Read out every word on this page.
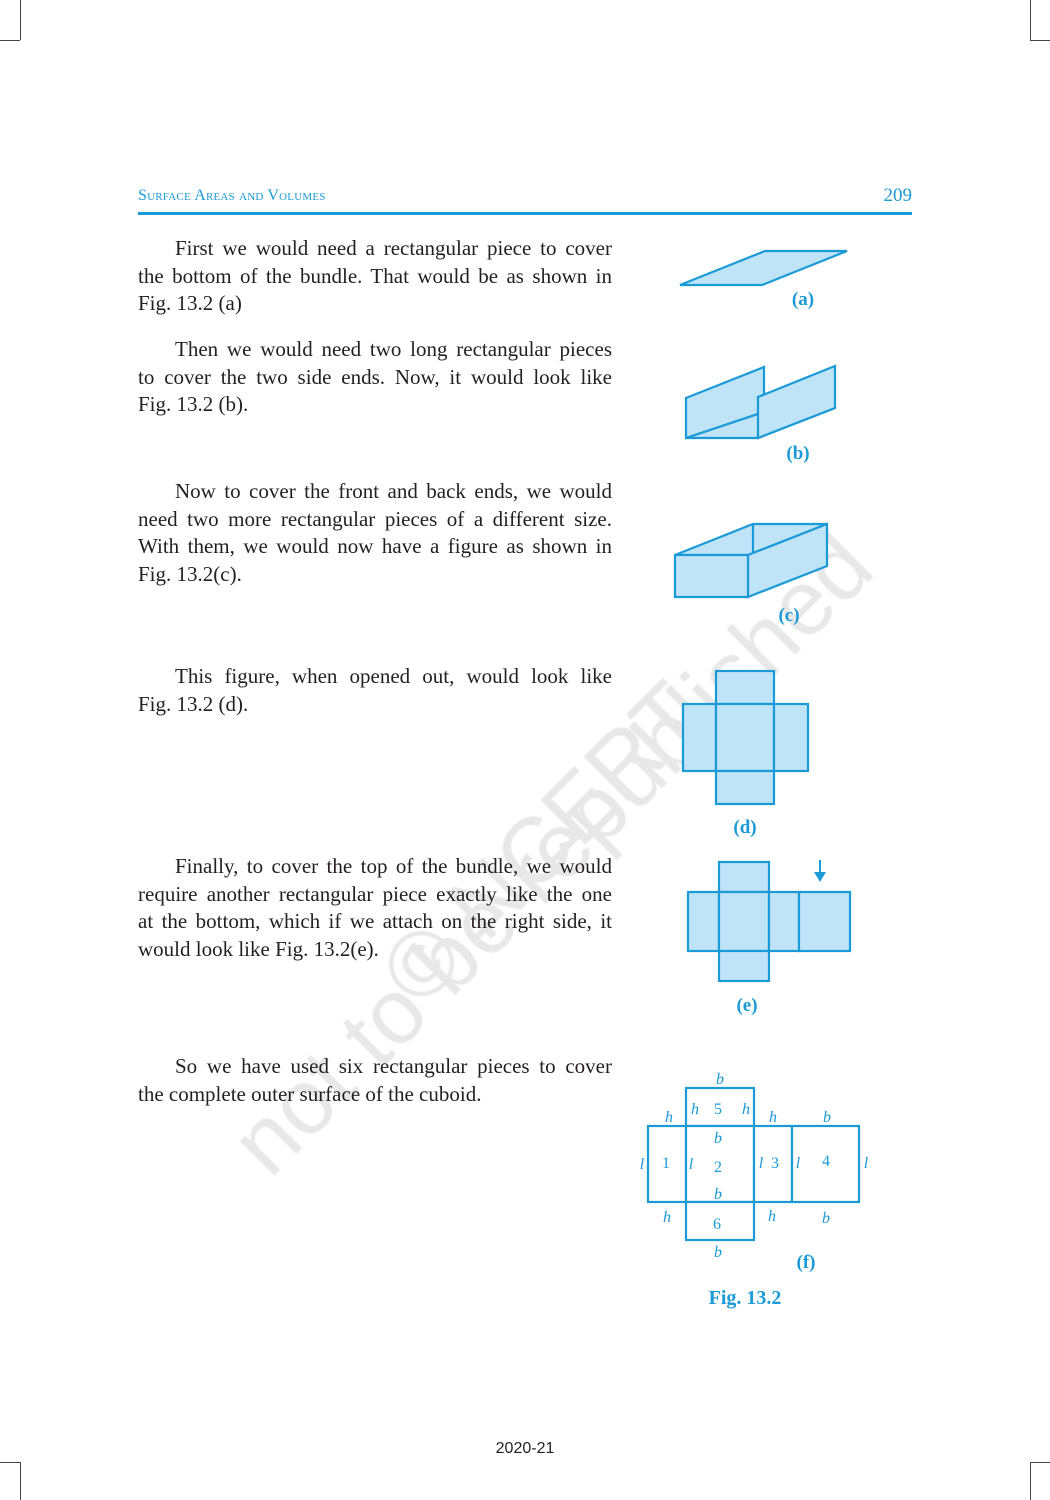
Surface Areas and Volumes	209
First we would need a rectangular piece to cover
the bottom of the bundle. That would be as shown in
Fig. 13.2 (a)
Then we would need two long rectangular pieces
to cover the two side ends. Now, it would look like
Fig. 13.2 (b).
Now to cover the front and back ends, we would
need two more rectangular pieces of a different size.
With them, we would now have a figure as shown in
Fig. 13.2(c).
This figure, when opened out, would look like
Fig. 13.2 (d).
Finally, to cover the top of the bundle, we would
require another rectangular piece exactly like the one
at the bottom, which if we attach on the right side, it
would look like Fig. 13.2(e).
So we have used six rectangular pieces to cover
the complete outer surface of the cuboid.
(a)
(b)
(c)
(d)
(e)
(f)
Fig. 13.2
1	2	3	4
5
6
b
h	h
h	h	b
b
l	l	l l	l
b
h	h	b
b
2020-21
